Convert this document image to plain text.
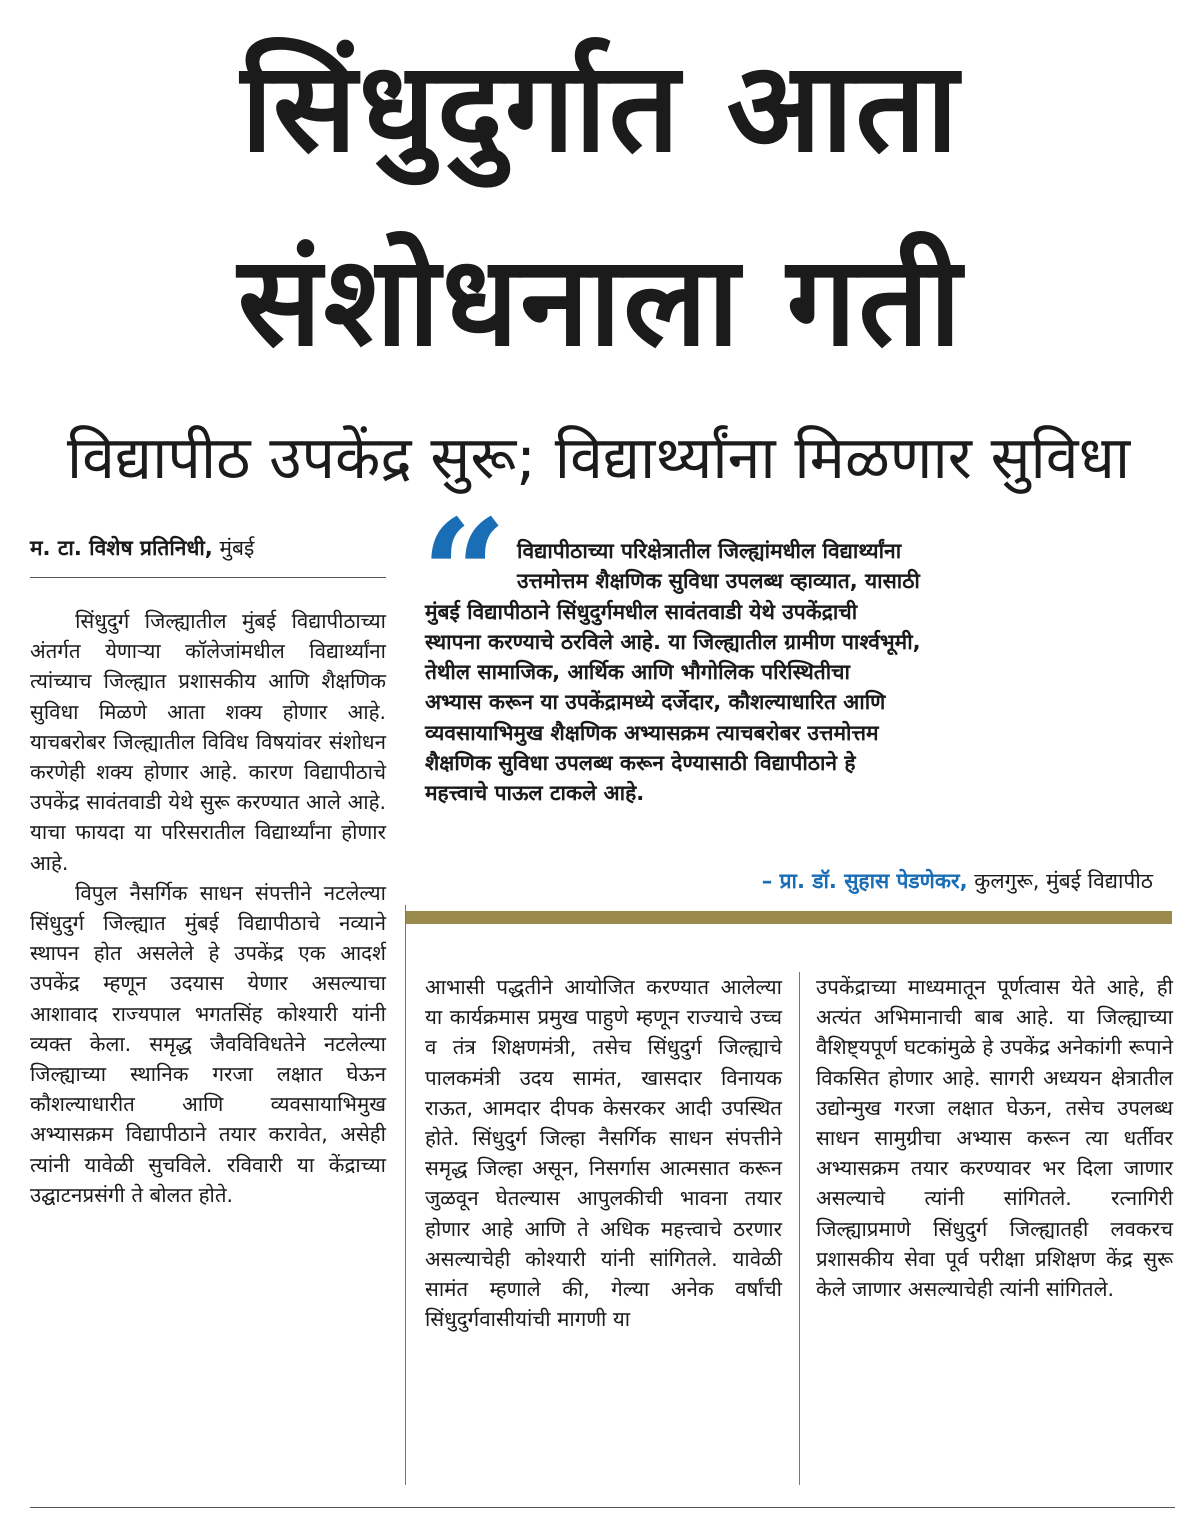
सिंधुदुर्गात आता
संशोधनाला गती
विद्यापीठ उपकेंद्र सुरू; विद्यार्थ्यांना मिळणार सुविधा
म. टा. विशेष प्रतिनिधी, मुंबई	“ विद्यापीठाच्या परिक्षेत्रातील जिल्ह्यांमधील विद्यार्थ्यांना
उत्तमोत्तम शैक्षणिक सुविधा उपलब्ध व्हाव्यात, यासाठी
मुंबई विद्यापीठाने सिंधुदुर्गमधील सावंतवाडी येथे उपकेंद्राची
स्थापना करण्याचे ठरविले आहे. या जिल्ह्यातील ग्रामीण पार्श्वभूमी,
तेथील सामाजिक, आर्थिक आणि भौगोलिक परिस्थितीचा
अभ्यास करून या उपकेंद्रामध्ये दर्जेदार, कौशल्याधारित आणि
व्यवसायाभिमुख शैक्षणिक अभ्यासक्रम त्याचबरोबर उत्तमोत्तम
शैक्षणिक सुविधा उपलब्ध करून देण्यासाठी विद्यापीठाने हे
महत्त्वाचे पाऊल टाकले आहे.
– प्रा. डॉ. सुहास पेडणेकर, कुलगुरू, मुंबई विद्यापीठ

सिंधुदुर्ग जिल्ह्यातील मुंबई विद्यापीठाच्या अंतर्गत येणाऱ्या कॉलेजांमधील विद्यार्थ्यांना त्यांच्याच जिल्ह्यात प्रशासकीय आणि शैक्षणिक सुविधा मिळणे आता शक्य होणार आहे. याचबरोबर जिल्ह्यातील विविध विषयांवर संशोधन करणेही शक्य होणार आहे. कारण विद्यापीठाचे उपकेंद्र सावंतवाडी येथे सुरू करण्यात आले आहे. याचा फायदा या परिसरातील विद्यार्थ्यांना होणार आहे.

विपुल नैसर्गिक साधन संपत्तीने नटलेल्या सिंधुदुर्ग जिल्ह्यात मुंबई विद्यापीठाचे नव्याने स्थापन होत असलेले हे उपकेंद्र एक आदर्श उपकेंद्र म्हणून उदयास येणार असल्याचा आशावाद राज्यपाल भगतसिंह कोश्यारी यांनी व्यक्त केला. समृद्ध जैवविविधतेने नटलेल्या जिल्ह्याच्या स्थानिक गरजा लक्षात घेऊन कौशल्याधारीत आणि व्यवसायाभिमुख अभ्यासक्रम विद्यापीठाने तयार करावेत, असेही त्यांनी यावेळी सुचविले. रविवारी या केंद्राच्या उद्घाटनप्रसंगी ते बोलत होते.

आभासी पद्धतीने आयोजित करण्यात आलेल्या या कार्यक्रमास प्रमुख पाहुणे म्हणून राज्याचे उच्च व तंत्र शिक्षणमंत्री, तसेच सिंधुदुर्ग जिल्ह्याचे पालकमंत्री उदय सामंत, खासदार विनायक राऊत, आमदार दीपक केसरकर आदी उपस्थित होते. सिंधुदुर्ग जिल्हा नैसर्गिक साधन संपत्तीने समृद्ध जिल्हा असून, निसर्गास आत्मसात करून जुळवून घेतल्यास आपुलकीची भावना तयार होणार आहे आणि ते अधिक महत्त्वाचे ठरणार असल्याचेही कोश्यारी यांनी सांगितले. यावेळी सामंत म्हणाले की, गेल्या अनेक वर्षांची सिंधुदुर्गवासीयांची मागणी या

उपकेंद्राच्या माध्यमातून पूर्णत्वास येते आहे, ही अत्यंत अभिमानाची बाब आहे. या जिल्ह्याच्या वैशिष्ट्यपूर्ण घटकांमुळे हे उपकेंद्र अनेकांगी रूपाने विकसित होणार आहे. सागरी अध्ययन क्षेत्रातील उद्योन्मुख गरजा लक्षात घेऊन, तसेच उपलब्ध साधन सामुग्रीचा अभ्यास करून त्या धर्तीवर अभ्यासक्रम तयार करण्यावर भर दिला जाणार असल्याचे त्यांनी सांगितले. रत्नागिरी जिल्ह्याप्रमाणे सिंधुदुर्ग जिल्ह्यातही लवकरच प्रशासकीय सेवा पूर्व परीक्षा प्रशिक्षण केंद्र सुरू केले जाणार असल्याचेही त्यांनी सांगितले.
